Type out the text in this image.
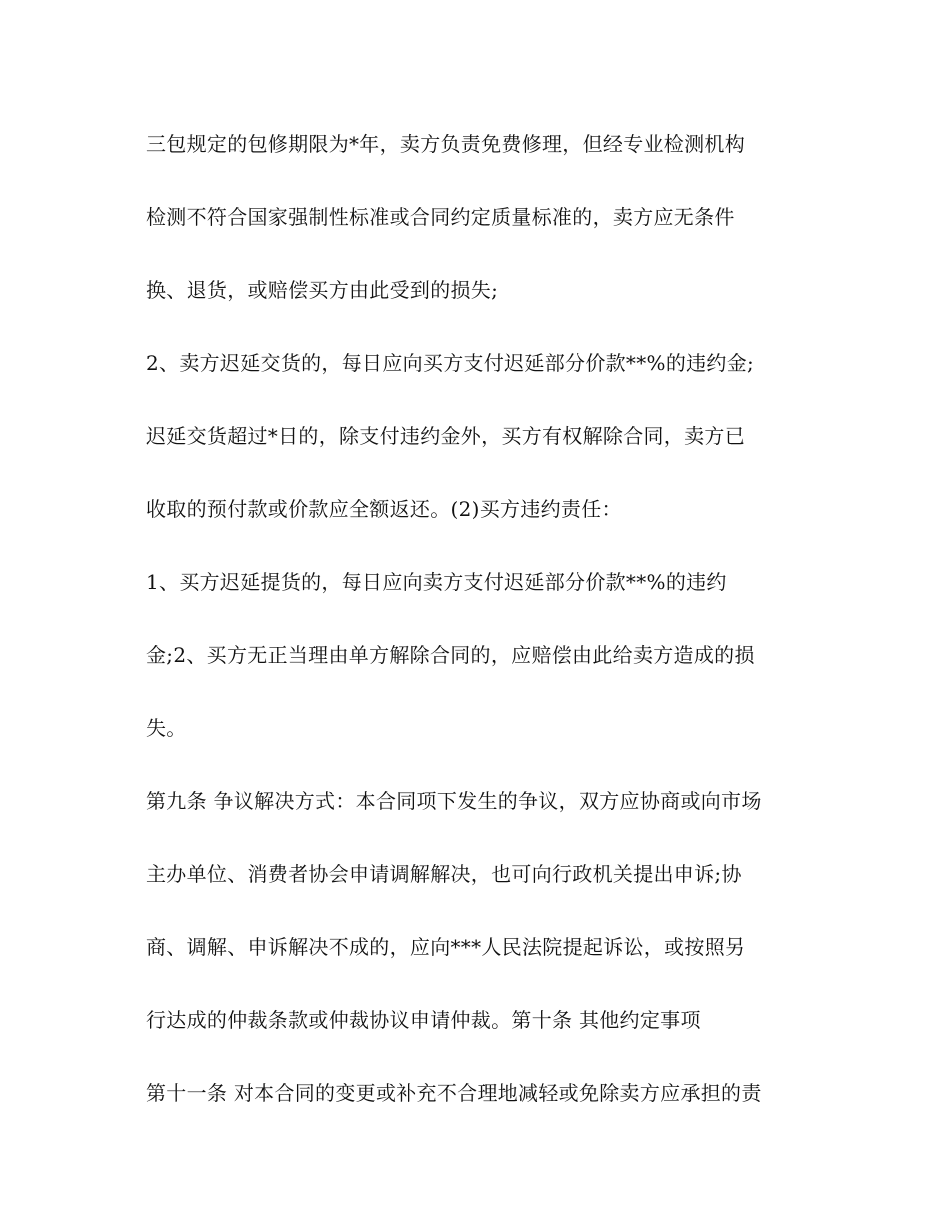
三包规定的包修期限为*年，卖方负责免费修理，但经专业检测机构
检测不符合国家强制性标准或合同约定质量标准的，卖方应无条件
换、退货，或赔偿买方由此受到的损失;
2、卖方迟延交货的，每日应向买方支付迟延部分价款**%的违约金;
迟延交货超过*日的，除支付违约金外，买方有权解除合同，卖方已
收取的预付款或价款应全额返还。(2)买方违约责任：
1、买方迟延提货的，每日应向卖方支付迟延部分价款**%的违约
金;2、买方无正当理由单方解除合同的，应赔偿由此给卖方造成的损
失。
第九条 争议解决方式：本合同项下发生的争议，双方应协商或向市场
主办单位、消费者协会申请调解解决，也可向行政机关提出申诉;协
商、调解、申诉解决不成的，应向***人民法院提起诉讼，或按照另
行达成的仲裁条款或仲裁协议申请仲裁。第十条 其他约定事项
第十一条 对本合同的变更或补充不合理地减轻或免除卖方应承担的责
